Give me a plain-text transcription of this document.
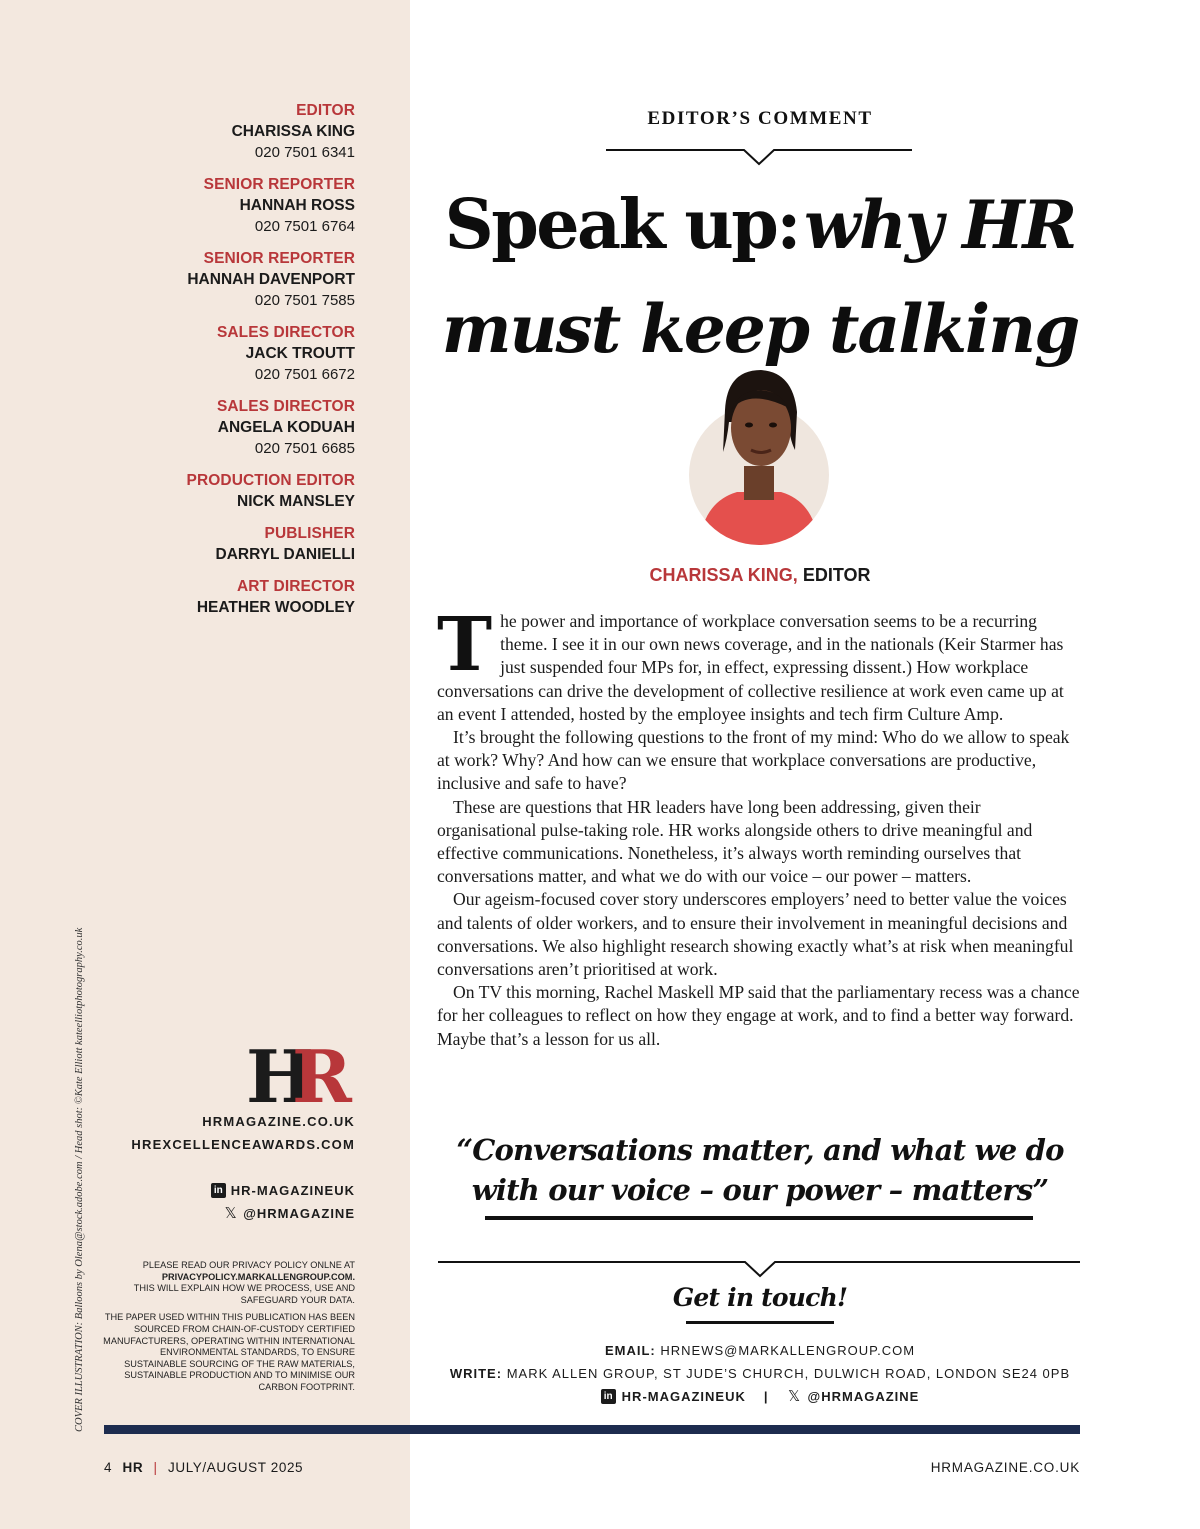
EDITOR
CHARISSA KING
020 7501 6341
SENIOR REPORTER
HANNAH ROSS
020 7501 6764
SENIOR REPORTER
HANNAH DAVENPORT
020 7501 7585
SALES DIRECTOR
JACK TROUTT
020 7501 6672
SALES DIRECTOR
ANGELA KODUAH
020 7501 6685
PRODUCTION EDITOR
NICK MANSLEY
PUBLISHER
DARRYL DANIELLI
ART DIRECTOR
HEATHER WOODLEY
COVER ILLUSTRATION: Balloons by Olena@stock.adobe.com / Head shot: ©Kate Elliott kateelliotphotography.co.uk H
R
HRMAGAZINE.CO.UK
HREXCELLENCEAWARDS.COM
in HR-MAGAZINEUK
𝕏 @HRMAGAZINE

PLEASE READ OUR PRIVACY POLICY ONLNE AT
PRIVACYPOLICY.MARKALLENGROUP.COM.
THIS WILL EXPLAIN HOW WE PROCESS, USE AND SAFEGUARD YOUR DATA.

THE PAPER USED WITHIN THIS PUBLICATION HAS BEEN SOURCED FROM CHAIN-OF-CUSTODY CERTIFIED MANUFACTURERS, OPERATING WITHIN INTERNATIONAL ENVIRONMENTAL STANDARDS, TO ENSURE SUSTAINABLE SOURCING OF THE RAW MATERIALS, SUSTAINABLE PRODUCTION AND TO MINIMISE OUR CARBON FOOTPRINT.

EDITOR’S COMMENT
Speak up: why HR
must keep talking
CHARISSA KING, EDITOR

The power and importance of workplace conversation seems to be a recurring theme. I see it in our own news coverage, and in the nationals (Keir Starmer has just suspended four MPs for, in effect, expressing dissent.) How workplace conversations can drive the development of collective resilience at work even came up at an event I attended, hosted by the employee insights and tech firm Culture Amp.

It’s brought the following questions to the front of my mind: Who do we allow to speak at work? Why? And how can we ensure that workplace conversations are productive, inclusive and safe to have?

These are questions that HR leaders have long been addressing, given their organisational pulse-taking role. HR works alongside others to drive meaningful and effective communications. Nonetheless, it’s always worth reminding ourselves that conversations matter, and what we do with our voice – our power – matters.

Our ageism-focused cover story underscores employers’ need to better value the voices and talents of older workers, and to ensure their involvement in meaningful decisions and conversations. We also highlight research showing exactly what’s at risk when meaningful conversations aren’t prioritised at work.

On TV this morning, Rachel Maskell MP said that the parliamentary recess was a chance for her colleagues to reflect on how they engage at work, and to find a better way forward. Maybe that’s a lesson for us all.

“Conversations matter, and what we do
with our voice – our power – matters”
Get in touch!
EMAIL: HRNEWS@MARKALLENGROUP.COM
WRITE: MARK ALLEN GROUP, ST JUDE’S CHURCH, DULWICH ROAD, LONDON SE24 0PB
in HR-MAGAZINEUK | 𝕏 @HRMAGAZINE
4 HR | JULY/AUGUST 2025	HRMAGAZINE.CO.UK
